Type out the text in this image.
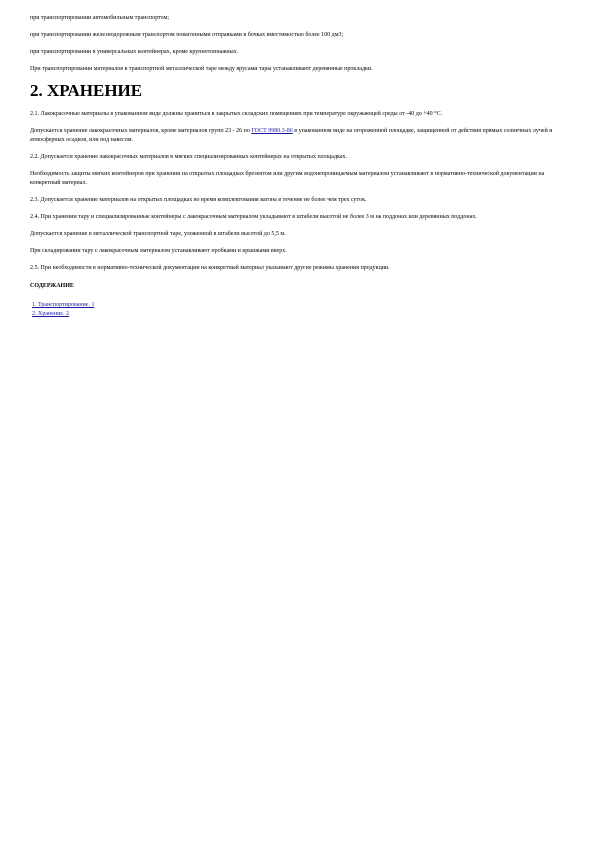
при транспортировании автомобильным транспортом;

при транспортировании железнодорожным транспортом повагонными отправками в бочках вместимостью более 100 дм3;

при транспортировании в универсальных контейнерах, кроме крупнотоннажных.

При транспортировании материалов в транспортной металлической таре между ярусами тары устанавливают деревянные прокладки.

2. ХРАНЕНИЕ

2.1. Лакокрасочные материалы в упакованном виде должны храниться в закрытых складских помещениях при температуре окружающей среды от -40 до +40 °С.

Допускается хранение лакокрасочных материалов, кроме материалов групп 23 - 26 по ГОСТ 9980.3-86 в упакованном виде на огороженной площадке, защищенной от действия прямых солнечных лучей и атмосферных осадков, или под навесом.

2.2. Допускается хранение лакокрасочных материалов в мягких специализированных контейнерах на открытых площадках.

Необходимость защиты мягких контейнеров при хранении на открытых площадках брезентом или другим водонепроницаемым материалом устанавливают в нормативно-технической документации на конкретный материал.

2.3. Допускается хранение материалов на открытых площадках во время комплектования вагона в течение не более чем трех суток.

2.4. При хранении тару и специализированные контейнеры с лакокрасочным материалом укладывают в штабели высотой не более 3 м на поддонах или деревянных поддонах.

Допускается хранение в металлической транспортной таре, уложенной в штабели высотой до 5,5 м.

При складировании тару с лакокрасочным материалом устанавливают пробками и крышками вверх.

2.5. При необходимости в нормативно-технической документации на конкретный материал указывают другие режимы хранения продукции.

СОДЕРЖАНИЕ

1. Транспортирование. 1
2. Хранение. 2
